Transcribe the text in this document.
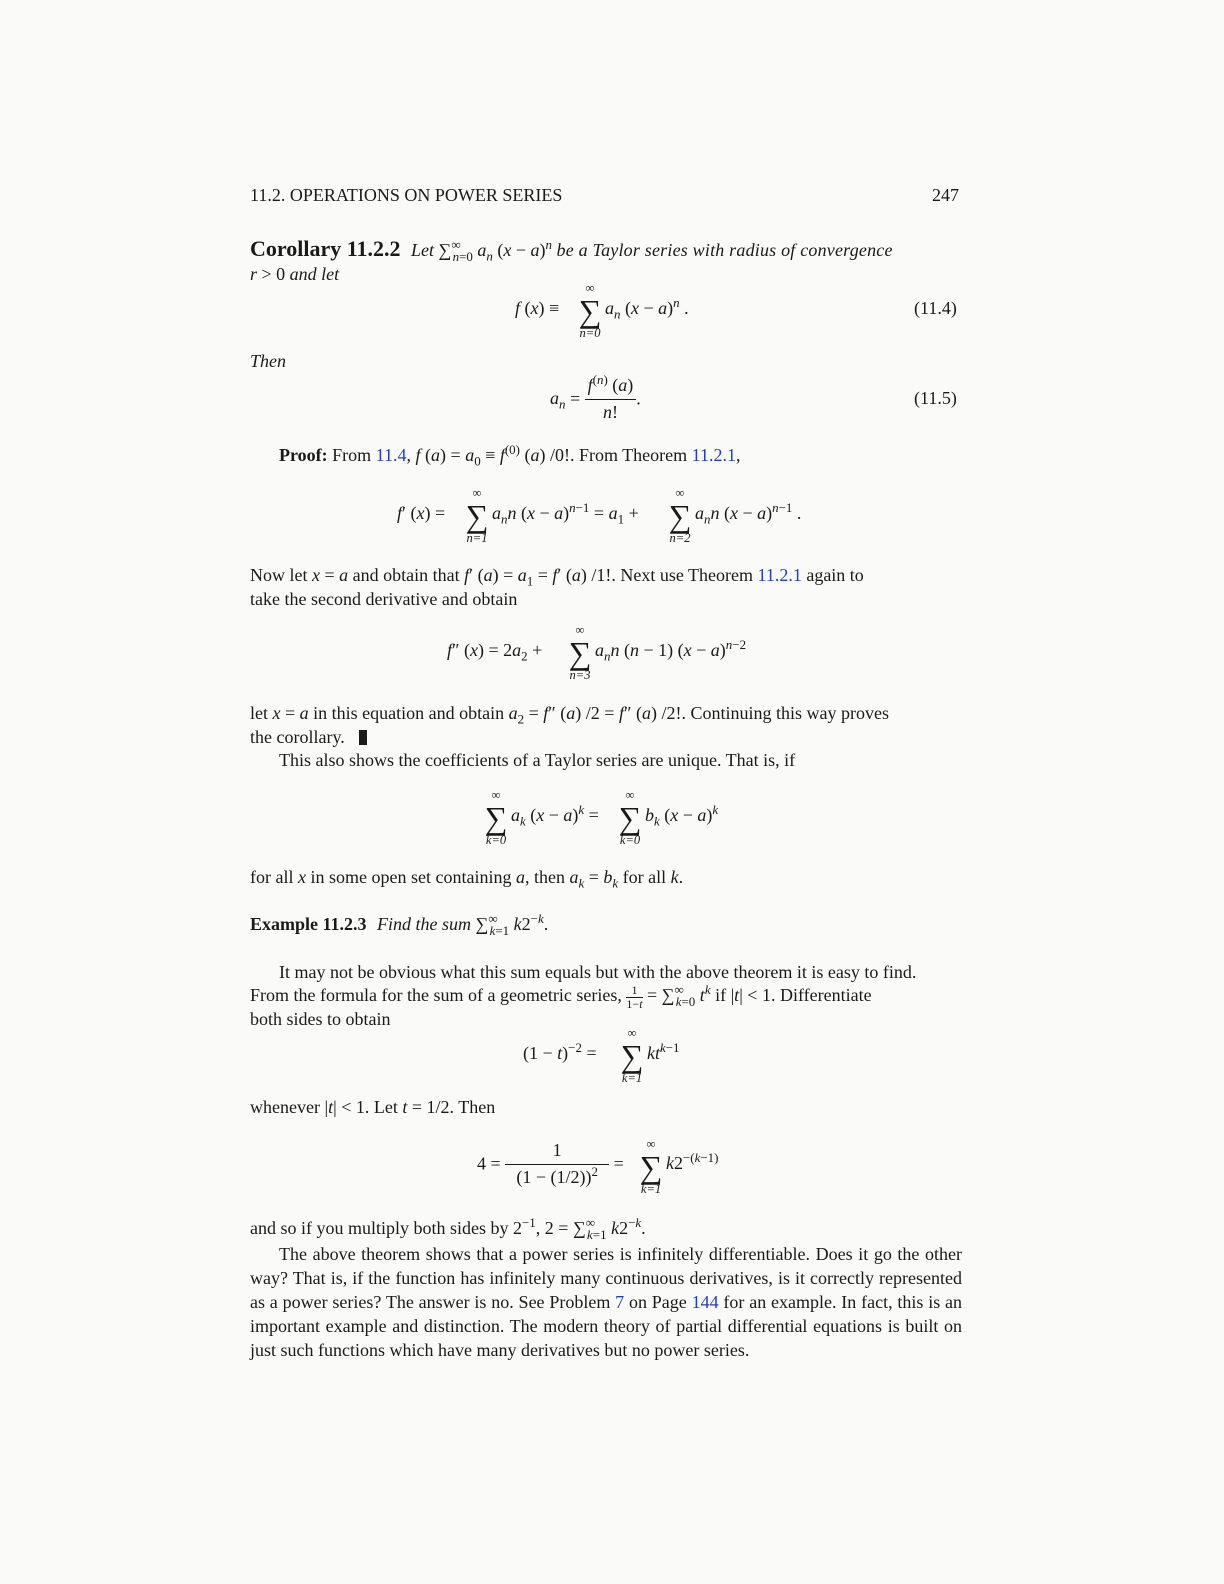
11.2. OPERATIONS ON POWER SERIES	247
Corollary 11.2.2 Let $\sum^\infty_{n=0}$ $a_n$ $(x - a)^n$ be a Taylor series with radius of convergence
r > 0 and let
f (x) ≡
∞
∑
n=0
$a_n$ $(x - a)^n$ .	(11.4)
Then
$a_n = \frac{f^{(n)} (a)}{n!}$ .	(11.5)
Proof: From 11.4, f $(a) = a_0 \equiv f^{(0)}$ (a) /0!. From Theorem 11.2.1,
f′ (x) =
∞
∑
n=1
$a_nn$ $(x - a)^{n-1} = a_1$ +
∞
∑
n=2
$a_nn$ $(x - a)^{n-1}$ .
Now let x = a and obtain that f′ $(a) = a_1 = f'$ (a) /1!. Next use Theorem 11.2.1 again to
take the second derivative and obtain
f″ $(x) = 2a_2$ +
∞
∑
n=3
$a_nn$ (n − 1) $(x - a)^{n-2}$
let x = a in this equation and obtain $a_2 = f''$ (a) /2 = f″ (a) /2!. Continuing this way proves
the corollary.
This also shows the coefficients of a Taylor series are unique. That is, if
∞
∑
k=0
$a_k$ $(x - a)^k$ =
∞
∑
k=0
$b_k$ $(x - a)^k$
for all x in some open set containing a, then $a_k = b_k$ for all k.
Example 11.2.3 Find the sum $\sum^\infty_{k=1}$ $k2^{-k}$.
It may not be obvious what this sum equals but with the above theorem it is easy to find.
From the formula for the sum of a geometric series, $\frac{1}{1-t} = \sum^\infty_{k=0}$ $t^k$ if |t| < 1. Differentiate
both sides to obtain
$(1 - t)^{-2}$ =
∞
∑
k=1
$kt^{k-1}$
whenever |t| < 1. Let t = 1/2. Then
$4 = \frac{1}{(1 - (1/2))^2}$ =
∞
∑
k=1
$k2^{-(k-1)}$
and so if you multiply both sides by $2^{-1}$, $2 = \sum^\infty_{k=1}$ $k2^{-k}$.
The above theorem shows that a power series is infinitely differentiable. Does it go the other way? That is, if the function has infinitely many continuous derivatives, is it correctly represented as a power series? The answer is no. See Problem 7 on Page 144 for an example. In fact, this is an important example and distinction. The modern theory of partial differential equations is built on just such functions which have many derivatives but no power series.
